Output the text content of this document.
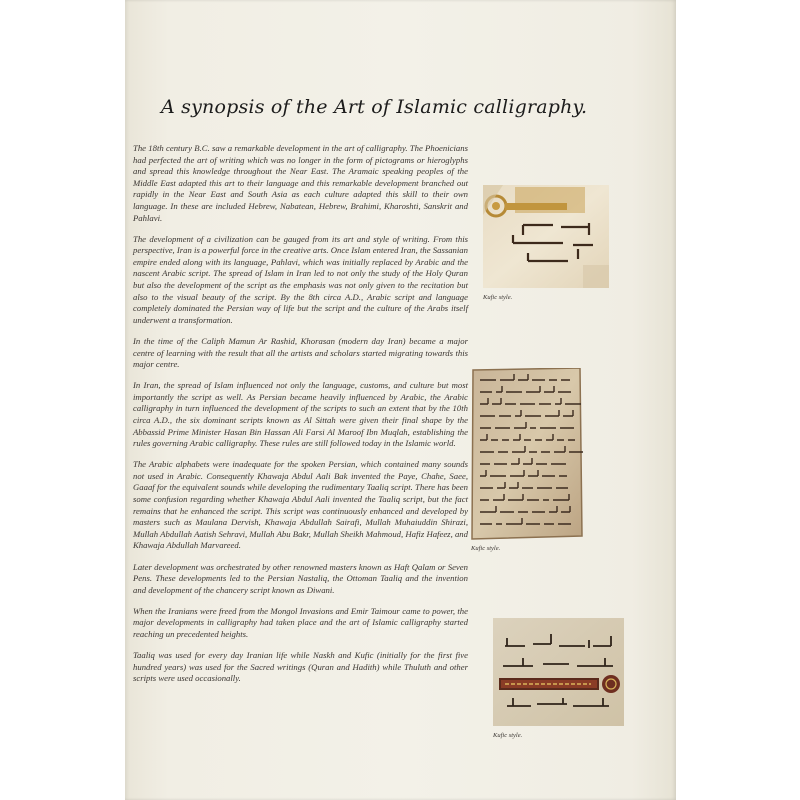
A synopsis of the Art of Islamic calligraphy.

The 18th century B.C. saw a remarkable development in the art of calligraphy. The Phoenicians had perfected the art of writing which was no longer in the form of pictograms or hieroglyphs and spread this knowledge throughout the Near East. The Aramaic speaking peoples of the Middle East adapted this art to their language and this remarkable development branched out rapidly in the Near East and South Asia as each culture adapted this skill to their own language. In these are included Hebrew, Nabatean, Hebrew, Brahimi, Kharoshti, Sanskrit and Pahlavi.

The development of a civilization can be gauged from its art and style of writing. From this perspective, Iran is a powerful force in the creative arts. Once Islam entered Iran, the Sassanian empire ended along with its language, Pahlavi, which was initially replaced by Arabic and the nascent Arabic script. The spread of Islam in Iran led to not only the study of the Holy Quran but also the development of the script as the emphasis was not only given to the recitation but also to the visual beauty of the script. By the 8th circa A.D., Arabic script and language completely dominated the Persian way of life but the script and the culture of the Arabs itself underwent a transformation.

In the time of the Caliph Mamun Ar Rashid, Khorasan (modern day Iran) became a major centre of learning with the result that all the artists and scholars started migrating towards this major centre.

In Iran, the spread of Islam influenced not only the language, customs, and culture but most importantly the script as well. As Persian became heavily influenced by Arabic, the Arabic calligraphy in turn influenced the development of the scripts to such an extent that by the 10th circa A.D., the six dominant scripts known as Al Sittah were given their final shape by the Abbassid Prime Minister Hasan Bin Hassan Ali Farsi Al Maroof Ibn Muqlah, establishing the rules governing Arabic calligraphy. These rules are still followed today in the Islamic world.

The Arabic alphabets were inadequate for the spoken Persian, which contained many sounds not used in Arabic. Consequently Khawaja Abdul Aali Bak invented the Paye, Chahe, Saee, Gaaaf for the equivalent sounds while developing the rudimentary Taaliq script. There has been some confusion regarding whether Khawaja Abdul Aali invented the Taaliq script, but the fact remains that he enhanced the script. This script was continuously enhanced and developed by masters such as Maulana Dervish, Khawaja Abdullah Sairafi, Mullah Muhaiuddin Shirazi, Mullah Abdullah Aatish Sehravi, Mullah Abu Bakr, Mullah Sheikh Mahmoud, Hafiz Hafeez, and Khawaja Abdullah Marvareed.

Later development was orchestrated by other renowned masters known as Haft Qalam or Seven Pens. These developments led to the Persian Nastaliq, the Ottoman Taaliq and the invention and development of the chancery script known as Diwani.

When the Iranians were freed from the Mongol Invasions and Emir Taimour came to power, the major developments in calligraphy had taken place and the art of Islamic calligraphy started reaching un precedented heights.

Taaliq was used for every day Iranian life while Naskh and Kufic (initially for the first five hundred years) was used for the Sacred writings (Quran and Hadith) while Thuluth and other scripts were used occasionally.

Kufic style.
Kufic style.
Kufic style.
